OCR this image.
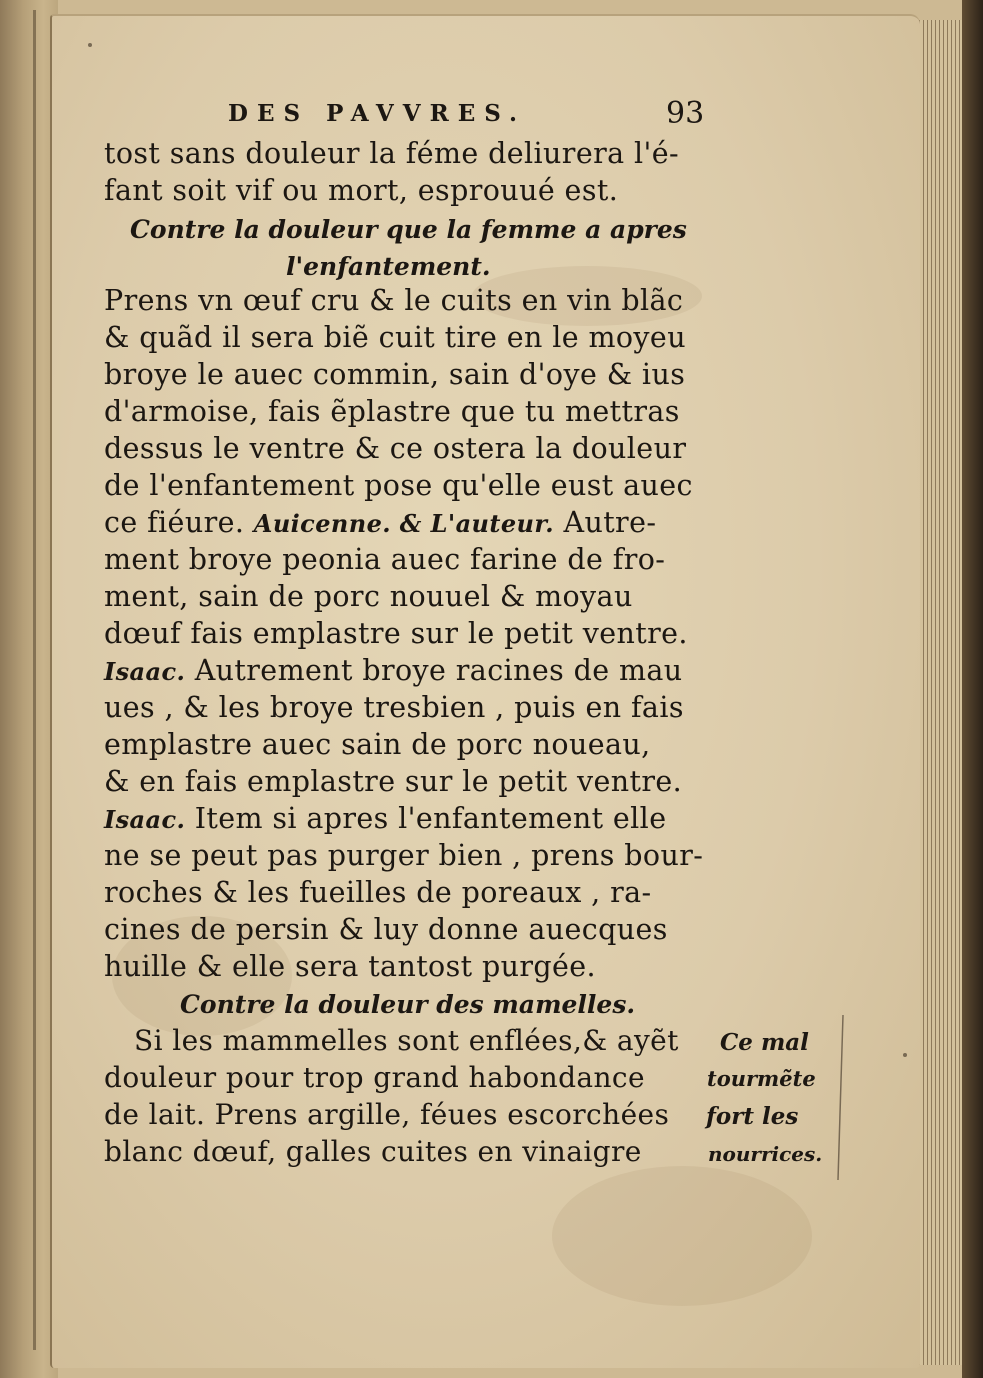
DES PAVVRES.	93
tost sans douleur la féme deliurera l'é-
fant soit vif ou mort, esprouué est.
Contre la douleur que la femme a apres
l'enfantement.
Prens vn œuf cru & le cuits en vin blãc
& quãd il sera biẽ cuit tire en le moyeu
broye le auec commin, sain d'oye & ius
d'armoise, fais ẽplastre que tu mettras
dessus le ventre & ce ostera la douleur
de l'enfantement pose qu'elle eust auec
ce fiéure. Auicenne. & L'auteur. Autre-
ment broye peonia auec farine de fro-
ment, sain de porc nouuel & moyau
dœuf fais emplastre sur le petit ventre.
Isaac. Autrement broye racines de mau
ues , & les broye tresbien , puis en fais
emplastre auec sain de porc noueau,
& en fais emplastre sur le petit ventre.
Isaac. Item si apres l'enfantement elle
ne se peut pas purger bien , prens bour-
roches & les fueilles de poreaux , ra-
cines de persin & luy donne auecques
huille & elle sera tantost purgée.
Contre la douleur des mamelles.
Si les mammelles sont enflées,& ayẽt
douleur pour trop grand habondance
de lait. Prens argille, féues escorchées
blanc dœuf, galles cuites en vinaigre
Ce mal
tourmẽte
fort les
nourrices.
